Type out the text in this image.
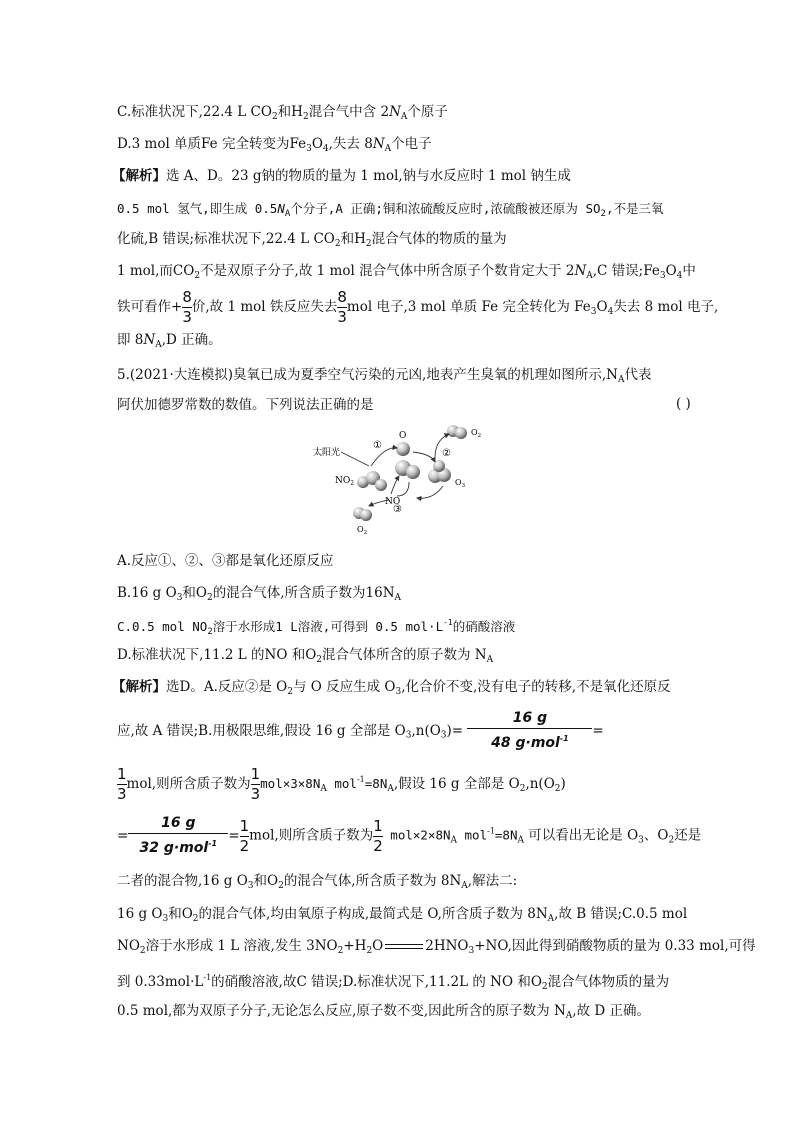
C.标准状况下,22.4 L $CO_2$和$H_2$混合气中含 $2N_A$个原子
D.3 mol 单质Fe 完全转变为$Fe_3O_4$,失去 $8N_A$个电子
【解析】选 A、D。23 g钠的物质的量为 1 mol,钠与水反应时 1 mol 钠生成
0.5 mol 氢气,即生成 $0.5N_A$个分子,A 正确;铜和浓硫酸反应时,浓硫酸被还原为 $SO_2$,不是三氧
化硫,B 错误;标准状况下,22.4 L $CO_2$和$H_2$混合气体的物质的量为
1 mol,而$CO_2$不是双原子分子,故 1 mol 混合气体中所含原子个数肯定大于 $2N_A,C$ 错误$;Fe_3O_4$中
铁可看作+ $\frac{8}{3}$ 价,故 1 mol 铁反应失去 $\frac{8}{3}$ mol 电子,3 mol 单质 Fe 完全转化为 $Fe_3O_4$失去 8 mol 电子,
即 $8N_A,D$ 正确。
5.(2021·大连模拟)臭氧已成为夏季空气污染的元凶,地表产生臭氧的机理如图所示$,N_A$代表
阿伏加德罗常数的数值。下列说法正确的是	( )
太阳光
$NO_2$
NO
O	$O_2$
$O_3$
$O_2$
①
②
③
A.反应①、②、③都是氧化还原反应
B.16 g $O_3$和$O_2$的混合气体,所含质子数为$16N_A$
C.0.5 mol $NO_2$溶于水形成1 L溶液,可得到 0.5 $mol\cdot L^{-1}$的硝酸溶液
D.标准状况下,11.2 L 的NO 和$O_2$混合气体所含的原子数为 $N_A$
【解析】选D。A.反应②是 $O_2$与 O 反应生成 $O_3$,化合价不变,没有电子的转移,不是氧化还原反
应,故 A 错误;B.用极限思维,假设 16 g 全部是 $O_3,n(O_3)= \frac{16 g}{48 g\cdot mol^{-1}}$ =
$\frac{1}{3}$ mol,则所含质子数为 $\frac{1}{3} mol\times 3\times 8N_A$ $mol^{-1}=8N_A$,假设 16 g 全部是 $O_2,n(O_2)$
= $\frac{16 g}{32 g\cdot mol^{-1}} = \frac{1}{2}$ mol,则所含质子数为 $\frac{1}{2} mol\times 2\times 8N_A$ $mol^{-1}=8N_A$ 可以看出无论是 $O_3$、$O_2$还是
二者的混合物,16 g $O_3$和$O_2$的混合气体,所含质子数为 $8N_A$,解法二:
16 g $O_3$和$O_2$的混合气体,均由氧原子构成,最简式是 O,所含质子数为 $8N_A$,故 B 错误;C.0.5 mol
$NO_2$溶于水形成 1 L 溶液,发生 $3NO_2+H_2O$	$2HNO_3+NO$,因此得到硝酸物质的量为 0.33 mol,可得
到 $0.33mol\cdot L^{-1}$的硝酸溶液,故C 错误;D.标准状况下,11.2L 的 NO 和$O_2$混合气体物质的量为
0.5 mol,都为双原子分子,无论怎么反应,原子数不变,因此所含的原子数为 $N_A$,故 D 正确。
